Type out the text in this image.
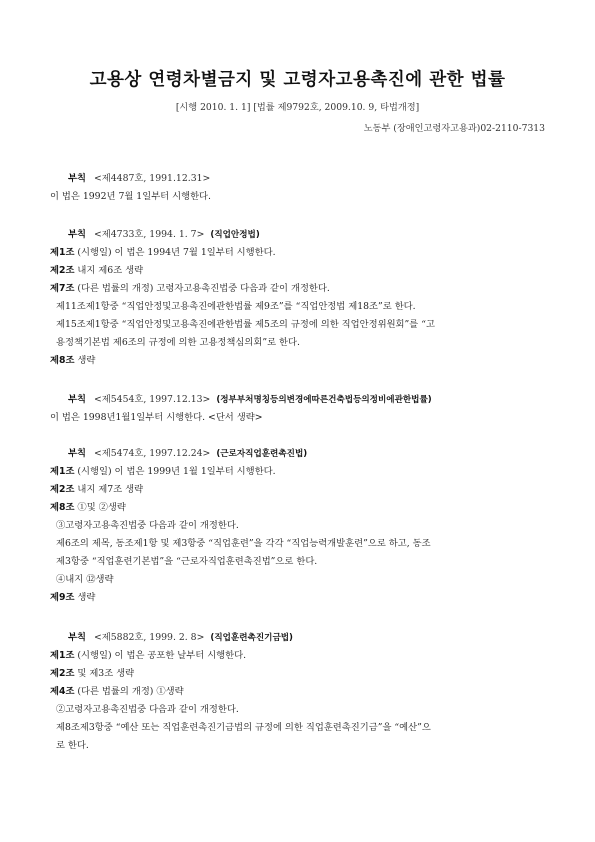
고용상 연령차별금지 및 고령자고용촉진에 관한 법률
[시행 2010. 1. 1] [법률 제9792호, 2009.10. 9, 타법개정]
노동부 (장애인고령자고용과)02-2110-7313
부칙 <제4487호, 1991.12.31>
이 법은 1992년 7월 1일부터 시행한다.
부칙 <제4733호, 1994. 1. 7> (직업안정법)
제1조 (시행일) 이 법은 1994년 7월 1일부터 시행한다.
제2조 내지 제6조 생략
제7조 (다른 법률의 개정) 고령자고용촉진법중 다음과 같이 개정한다.
제11조제1항중 “직업안정및고용촉진에관한법률 제9조”를 “직업안정법 제18조”로 한다.
제15조제1항중 “직업안정및고용촉진에관한법률 제5조의 규정에 의한 직업안정위원회”를 “고
용정책기본법 제6조의 규정에 의한 고용정책심의회”로 한다.
제8조 생략
부칙 <제5454호, 1997.12.13> (정부부처명칭등의변경에따른건축법등의정비에관한법률)
이 법은 1998년1월1일부터 시행한다. <단서 생략>
부칙 <제5474호, 1997.12.24> (근로자직업훈련촉진법)
제1조 (시행일) 이 법은 1999년 1월 1일부터 시행한다.
제2조 내지 제7조 생략
제8조 ①및 ②생략
③고령자고용촉진법중 다음과 같이 개정한다.
제6조의 제목, 동조제1항 및 제3항중 “직업훈련”을 각각 “직업능력개발훈련”으로 하고, 동조
제3항중 “직업훈련기본법”을 “근로자직업훈련촉진법”으로 한다.
④내지 ⑫생략
제9조 생략
부칙 <제5882호, 1999. 2. 8> (직업훈련촉진기금법)
제1조 (시행일) 이 법은 공포한 날부터 시행한다.
제2조 및 제3조 생략
제4조 (다른 법률의 개정) ①생략
②고령자고용촉진법중 다음과 같이 개정한다.
제8조제3항중 “예산 또는 직업훈련촉진기금법의 규정에 의한 직업훈련촉진기금”을 “예산”으
로 한다.
